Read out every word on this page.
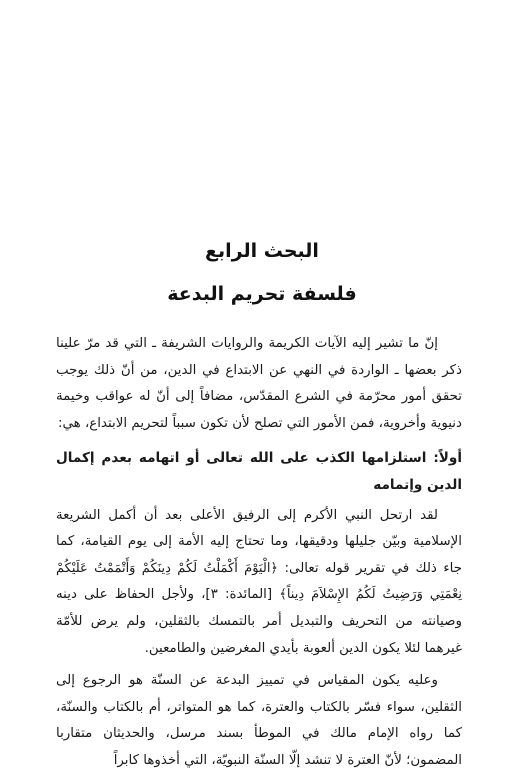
البحث الرابع
فلسفة تحريم البدعة

إنّ ما تشير إليه الآيات الكريمة والروايات الشريفة ـ التي قد مرّ علينا ذكر بعضها ـ الواردة في النهي عن الابتداع في الدين، من أنّ ذلك يوجب تحقق أمور محرّمة في الشرع المقدّس، مضافاً إلى أنّ له عواقب وخيمة دنيوية وأخروية، فمن الأمور التي تصلح لأن تكون سبباً لتحريم الابتداع، هي:

أولاً: استلزامها الكذب على الله تعالى أو اتهامه بعدم إكمال الدين وإتمامه

لقد ارتحل النبي الأكرم إلى الرفيق الأعلى بعد أن أكمل الشريعة الإسلامية وبيّن جليلها ودقيقها، وما تحتاج إليه الأمة إلى يوم القيامة، كما جاء ذلك في تقرير قوله تعالى: ﴿الْيَوْمَ أَكْمَلْتُ لَكُمْ دِينَكُمْ وَأَتْمَمْتُ عَلَيْكُمْ نِعْمَتِي وَرَضِيتُ لَكُمُ الإِسْلاَمَ دِيناً﴾ [المائدة: ٣]، ولأجل الحفاظ على دينه وصيانته من التحريف والتبديل أمر بالتمسك بالثقلين، ولم يرض للأمّة غيرهما لئلا يكون الدين ألعوبة بأيدي المغرضين والطامعين.

وعليه يكون المقياس في تمييز البدعة عن السنّة هو الرجوع إلى الثقلين، سواء فسّر بالكتاب والعترة، كما هو المتواتر، أم بالكتاب والسنّة، كما رواه الإمام مالك في الموطأ بسند مرسل، والحديثان متقاربا المضمون؛ لأنّ العترة لا تنشد إلّا السنّة النبويّة، التي أخذوها كابراً
